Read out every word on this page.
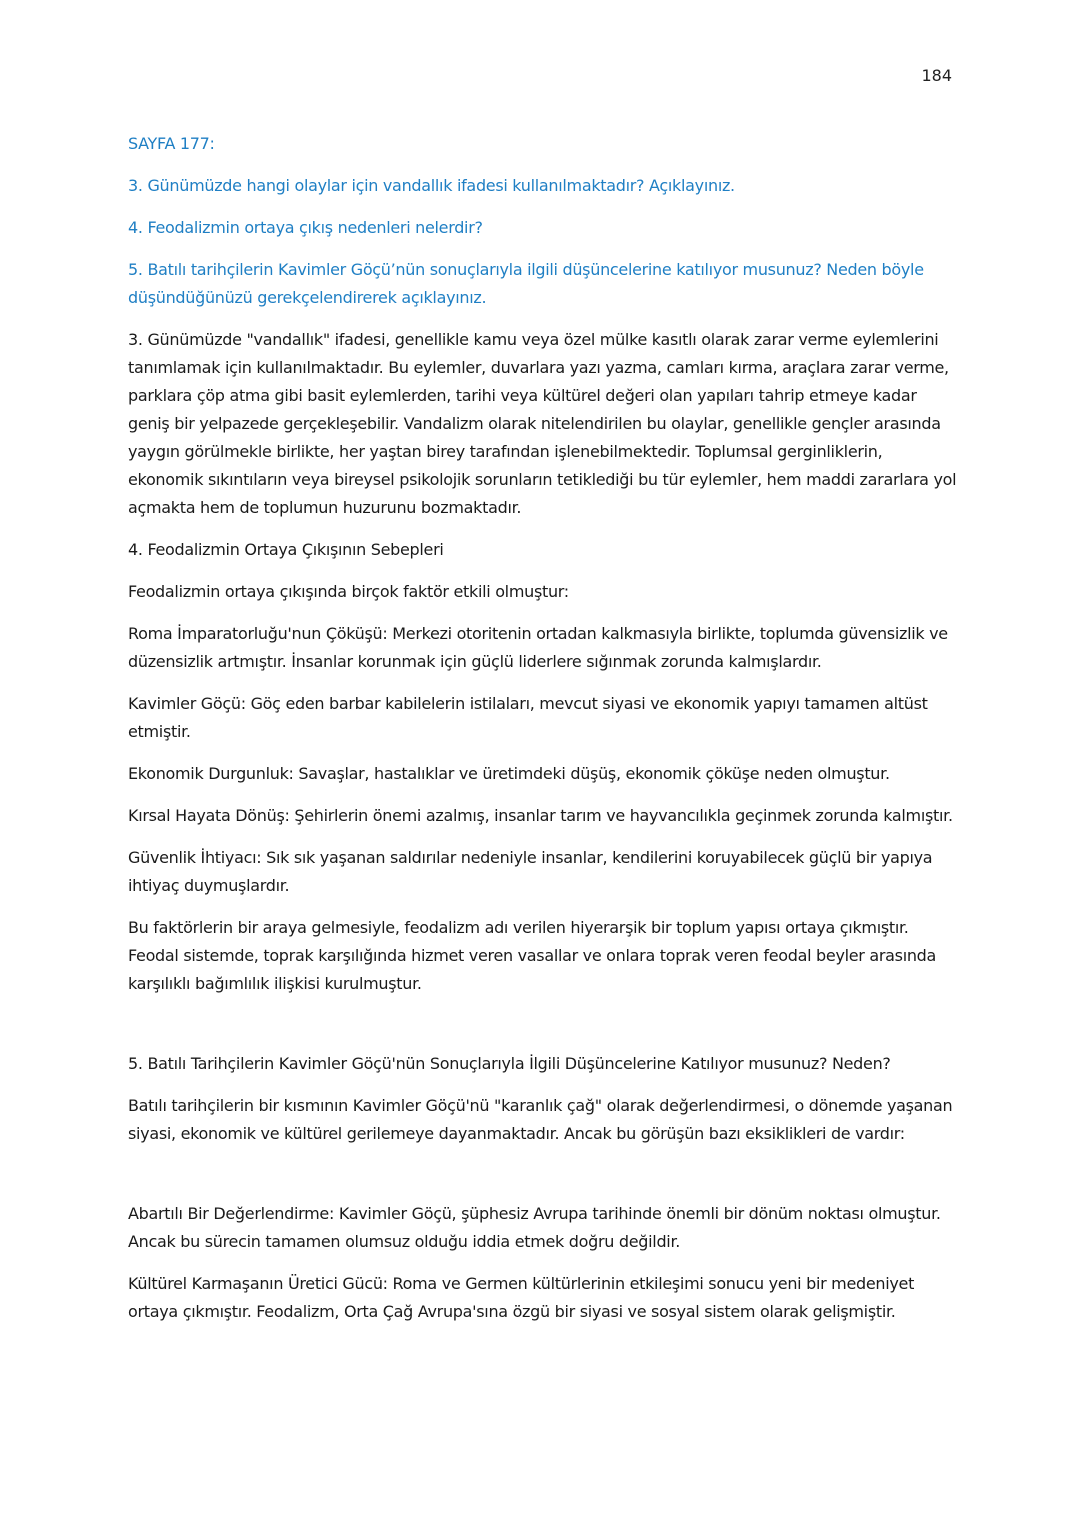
184

SAYFA 177:

3. Günümüzde hangi olaylar için vandallık ifadesi kullanılmaktadır? Açıklayınız.

4. Feodalizmin ortaya çıkış nedenleri nelerdir?

5. Batılı tarihçilerin Kavimler Göçü’nün sonuçlarıyla ilgili düşüncelerine katılıyor musunuz? Neden böyle düşündüğünüzü gerekçelendirerek açıklayınız.

3. Günümüzde "vandallık" ifadesi, genellikle kamu veya özel mülke kasıtlı olarak zarar verme eylemlerini tanımlamak için kullanılmaktadır. Bu eylemler, duvarlara yazı yazma, camları kırma, araçlara zarar verme, parklara çöp atma gibi basit eylemlerden, tarihi veya kültürel değeri olan yapıları tahrip etmeye kadar geniş bir yelpazede gerçekleşebilir. Vandalizm olarak nitelendirilen bu olaylar, genellikle gençler arasında yaygın görülmekle birlikte, her yaştan birey tarafından işlenebilmektedir. Toplumsal gerginliklerin, ekonomik sıkıntıların veya bireysel psikolojik sorunların tetiklediği bu tür eylemler, hem maddi zararlara yol açmakta hem de toplumun huzurunu bozmaktadır.

4. Feodalizmin Ortaya Çıkışının Sebepleri

Feodalizmin ortaya çıkışında birçok faktör etkili olmuştur:

Roma İmparatorluğu'nun Çöküşü: Merkezi otoritenin ortadan kalkmasıyla birlikte, toplumda güvensizlik ve düzensizlik artmıştır. İnsanlar korunmak için güçlü liderlere sığınmak zorunda kalmışlardır.

Kavimler Göçü: Göç eden barbar kabilelerin istilaları, mevcut siyasi ve ekonomik yapıyı tamamen altüst etmiştir.

Ekonomik Durgunluk: Savaşlar, hastalıklar ve üretimdeki düşüş, ekonomik çöküşe neden olmuştur.

Kırsal Hayata Dönüş: Şehirlerin önemi azalmış, insanlar tarım ve hayvancılıkla geçinmek zorunda kalmıştır.

Güvenlik İhtiyacı: Sık sık yaşanan saldırılar nedeniyle insanlar, kendilerini koruyabilecek güçlü bir yapıya ihtiyaç duymuşlardır.

Bu faktörlerin bir araya gelmesiyle, feodalizm adı verilen hiyerarşik bir toplum yapısı ortaya çıkmıştır. Feodal sistemde, toprak karşılığında hizmet veren vasallar ve onlara toprak veren feodal beyler arasında karşılıklı bağımlılık ilişkisi kurulmuştur.

5. Batılı Tarihçilerin Kavimler Göçü'nün Sonuçlarıyla İlgili Düşüncelerine Katılıyor musunuz? Neden?

Batılı tarihçilerin bir kısmının Kavimler Göçü'nü "karanlık çağ" olarak değerlendirmesi, o dönemde yaşanan siyasi, ekonomik ve kültürel gerilemeye dayanmaktadır. Ancak bu görüşün bazı eksiklikleri de vardır:

Abartılı Bir Değerlendirme: Kavimler Göçü, şüphesiz Avrupa tarihinde önemli bir dönüm noktası olmuştur. Ancak bu sürecin tamamen olumsuz olduğu iddia etmek doğru değildir.

Kültürel Karmaşanın Üretici Gücü: Roma ve Germen kültürlerinin etkileşimi sonucu yeni bir medeniyet ortaya çıkmıştır. Feodalizm, Orta Çağ Avrupa'sına özgü bir siyasi ve sosyal sistem olarak gelişmiştir.
